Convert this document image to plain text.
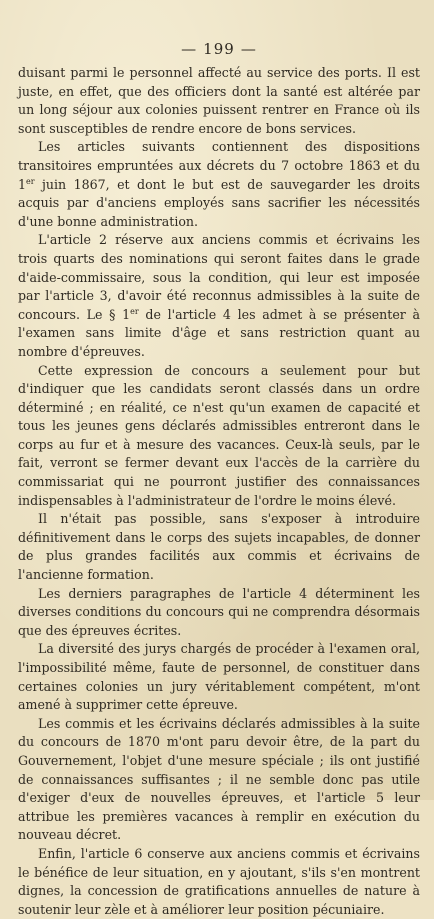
— 199 —

duisant parmi le personnel affecté au service des ports. Il est juste, en effet, que des officiers dont la santé est altérée par un long séjour aux colonies puissent rentrer en France où ils sont susceptibles de rendre encore de bons services.

Les articles suivants contiennent des dispositions transitoires empruntées aux décrets du 7 octobre 1863 et du 1er juin 1867, et dont le but est de sauvegarder les droits acquis par d'anciens employés sans sacrifier les nécessités d'une bonne administration.

L'article 2 réserve aux anciens commis et écrivains les trois quarts des nominations qui seront faites dans le grade d'aide-commissaire, sous la condition, qui leur est imposée par l'article 3, d'avoir été reconnus admissibles à la suite de concours. Le § 1er de l'article 4 les admet à se présenter à l'examen sans limite d'âge et sans restriction quant au nombre d'épreuves.

Cette expression de concours a seulement pour but d'indiquer que les candidats seront classés dans un ordre déterminé ; en réalité, ce n'est qu'un examen de capacité et tous les jeunes gens déclarés admissibles entreront dans le corps au fur et à mesure des vacances. Ceux-là seuls, par le fait, verront se fermer devant eux l'accès de la carrière du commissariat qui ne pourront justifier des connaissances indispensables à l'administrateur de l'ordre le moins élevé.

Il n'était pas possible, sans s'exposer à introduire définitivement dans le corps des sujets incapables, de donner de plus grandes facilités aux commis et écrivains de l'ancienne formation.

Les derniers paragraphes de l'article 4 déterminent les diverses conditions du concours qui ne comprendra désormais que des épreuves écrites.

La diversité des jurys chargés de procéder à l'examen oral, l'impossibilité même, faute de personnel, de constituer dans certaines colonies un jury véritablement compétent, m'ont amené à supprimer cette épreuve.

Les commis et les écrivains déclarés admissibles à la suite du concours de 1870 m'ont paru devoir être, de la part du Gouvernement, l'objet d'une mesure spéciale ; ils ont justifié de connaissances suffisantes ; il ne semble donc pas utile d'exiger d'eux de nouvelles épreuves, et l'article 5 leur attribue les premières vacances à remplir en exécution du nouveau décret.

Enfin, l'article 6 conserve aux anciens commis et écrivains le bénéfice de leur situation, en y ajoutant, s'ils s'en montrent dignes, la concession de gratifications annuelles de nature à soutenir leur zèle et à améliorer leur position pécuniaire.
